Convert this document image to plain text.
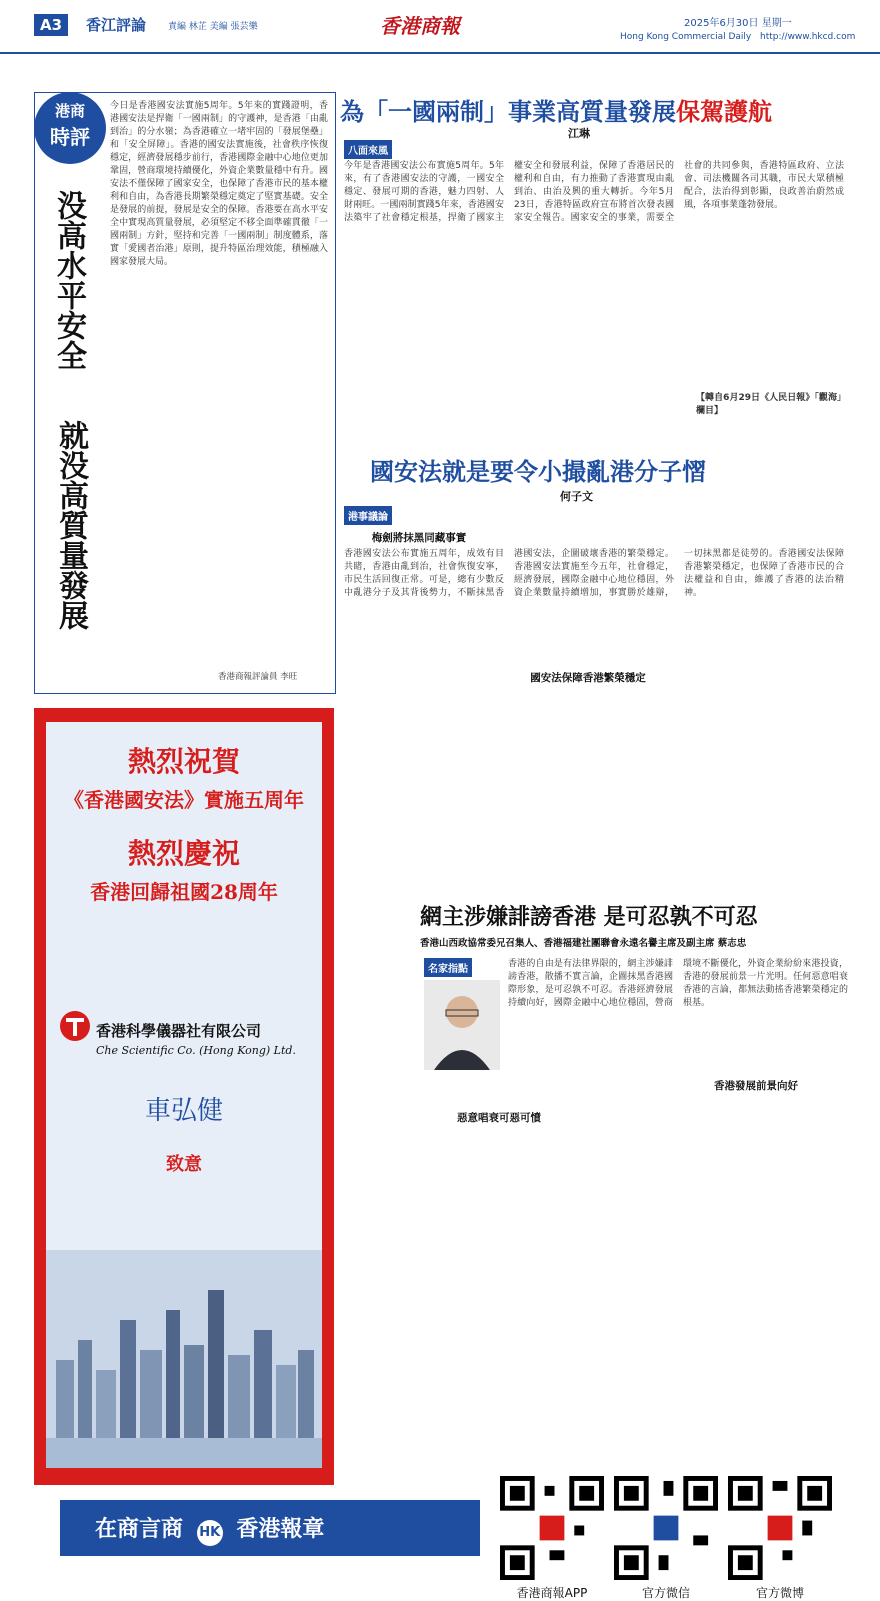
A3	香江評論 責編 林芷 美編 張芸樂	香港商報	2025年6月30日 星期一
Hong Kong Commercial Daily http://www.hkcd.com
港商
時評
没高水平安全
就没高質量發展
今日是香港國安法實施5周年。5年來的實踐證明，香港國安法是捍衛「一國兩制」的守護神，是香港「由亂到治」的分水嶺；為香港確立一堵牢固的「發展堡壘」和「安全屏障」。香港的國安法實施後，社會秩序恢復穩定，經濟發展穩步前行，香港國際金融中心地位更加鞏固，營商環境持續優化，外資企業數量穩中有升。國安法不僅保障了國家安全，也保障了香港市民的基本權利和自由，為香港長期繁榮穩定奠定了堅實基礎。安全是發展的前提，發展是安全的保障。香港要在高水平安全中實現高質量發展，必須堅定不移全面準確貫徹「一國兩制」方針，堅持和完善「一國兩制」制度體系，落實「愛國者治港」原則，提升特區治理效能，積極融入國家發展大局。
香港商報評論員 李旺
熱烈祝賀
《香港國安法》實施五周年
熱烈慶祝
香港回歸祖國28周年
香港科學儀器社有限公司
Che Scientific Co. (Hong Kong) Ltd.
車弘健
致意
為「一國兩制」事業高質量發展保駕護航
江琳
八面來風
今年是香港國安法公布實施5周年。5年來，有了香港國安法的守護，一國安全穩定、發展可期的香港，魅力四射、人財兩旺。一國兩制實踐5年來，香港國安法築牢了社會穩定根基，捍衛了國家主權安全和發展利益，保障了香港居民的權利和自由，有力推動了香港實現由亂到治、由治及興的重大轉折。今年5月23日，香港特區政府宣布將首次發表國家安全報告。國家安全的事業，需要全社會的共同參與，香港特區政府、立法會、司法機關各司其職，市民大眾積極配合，法治得到彰顯，良政善治蔚然成風，各項事業蓬勃發展。
【轉自6月29日《人民日報》「觀海」欄目】
國安法就是要令小撮亂港分子慴
何子文
港事議論
梅劍將抹黑同藏事實
香港國安法公布實施五周年，成效有目共睹，香港由亂到治，社會恢復安寧，市民生活回復正常。可是，總有少數反中亂港分子及其背後勢力，不斷抹黑香港國安法，企圖破壞香港的繁榮穩定。香港國安法實施至今五年，社會穩定，經濟發展，國際金融中心地位穩固，外資企業數量持續增加，事實勝於雄辯，一切抹黑都是徒勞的。香港國安法保障香港繁榮穩定，也保障了香港市民的合法權益和自由，維護了香港的法治精神。
國安法保障香港繁榮穩定
網主涉嫌誹謗香港 是可忍孰不可忍
香港山西政協常委兄召集人、香港福建社團聯會永遠名譽主席及副主席 蔡志忠
名家指點	香港的自由是有法律界限的，網主涉嫌誹謗香港，散播不實言論，企圖抹黑香港國際形象，是可忍孰不可忍。香港經濟發展持續向好，國際金融中心地位穩固，營商環境不斷優化，外資企業紛紛來港投資，香港的發展前景一片光明。任何惡意唱衰香港的言論，都無法動搖香港繁榮穩定的根基。
惡意唱衰可惡可憤
香港發展前景向好
在商言商 HK 香港報章
香港商報APP	官方微信	官方微博
